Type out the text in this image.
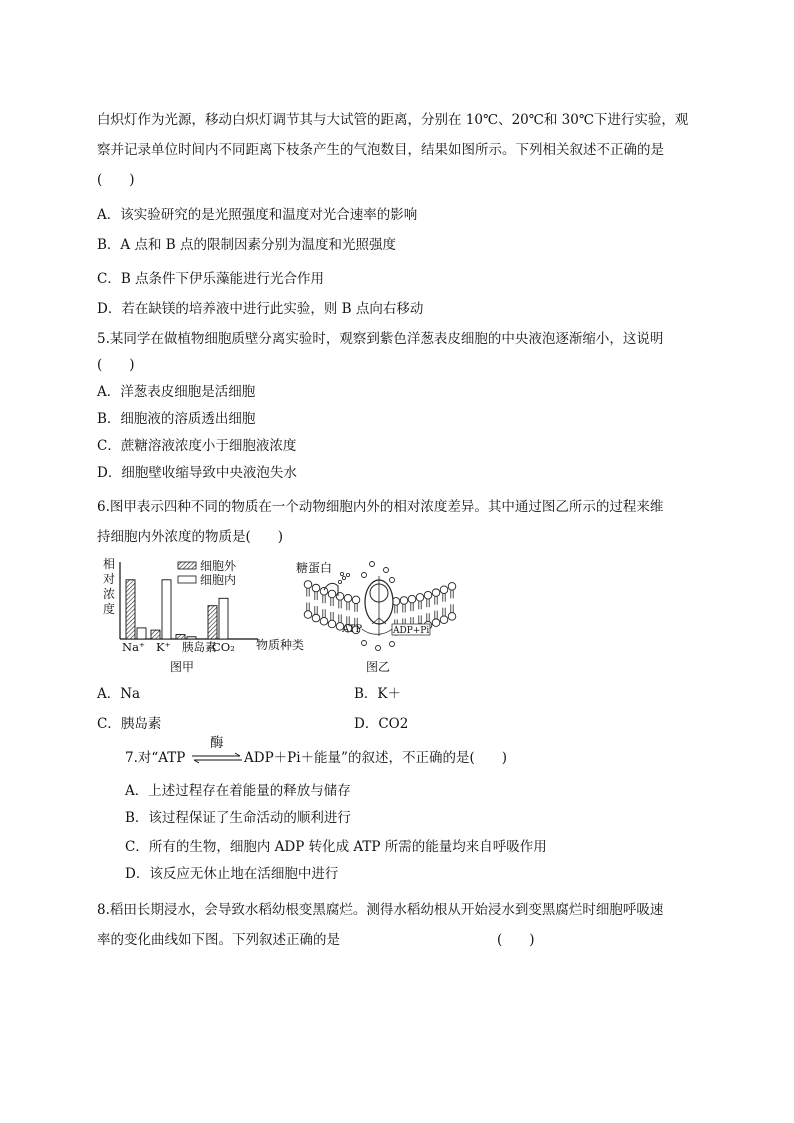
白炽灯作为光源，移动白炽灯调节其与大试管的距离，分别在 10℃、20℃和 30℃下进行实验，观
察并记录单位时间内不同距离下枝条产生的气泡数目，结果如图所示。下列相关叙述不正确的是
(　　)
A．该实验研究的是光照强度和温度对光合速率的影响
B．A 点和 B 点的限制因素分别为温度和光照强度
C．B 点条件下伊乐藻能进行光合作用
D．若在缺镁的培养液中进行此实验，则 B 点向右移动
5.某同学在做植物细胞质壁分离实验时，观察到紫色洋葱表皮细胞的中央液泡逐渐缩小，这说明
(　　)
A．洋葱表皮细胞是活细胞
B．细胞液的溶质透出细胞
C．蔗糖溶液浓度小于细胞液浓度
D．细胞壁收缩导致中央液泡失水
6.图甲表示四种不同的物质在一个动物细胞内外的相对浓度差异。其中通过图乙所示的过程来维
持细胞内外浓度的物质是(　　)
相
对
浓
度
细胞外
细胞内
Na⁺ K⁺ 胰岛素
CO₂ 物质种类
图甲
糖蛋白
ATP	ADP+Pi
图乙
A．Na	B．K＋
C．胰岛素	D．CO2
酶
7.对“ATP ⇌ ADP＋Pi＋能量”的叙述，不正确的是(　　)
A．上述过程存在着能量的释放与储存
B．该过程保证了生命活动的顺利进行
C．所有的生物，细胞内 ADP 转化成 ATP 所需的能量均来自呼吸作用
D．该反应无休止地在活细胞中进行
8.稻田长期浸水，会导致水稻幼根变黑腐烂。测得水稻幼根从开始浸水到变黑腐烂时细胞呼吸速
率的变化曲线如下图。下列叙述正确的是	(　　)
